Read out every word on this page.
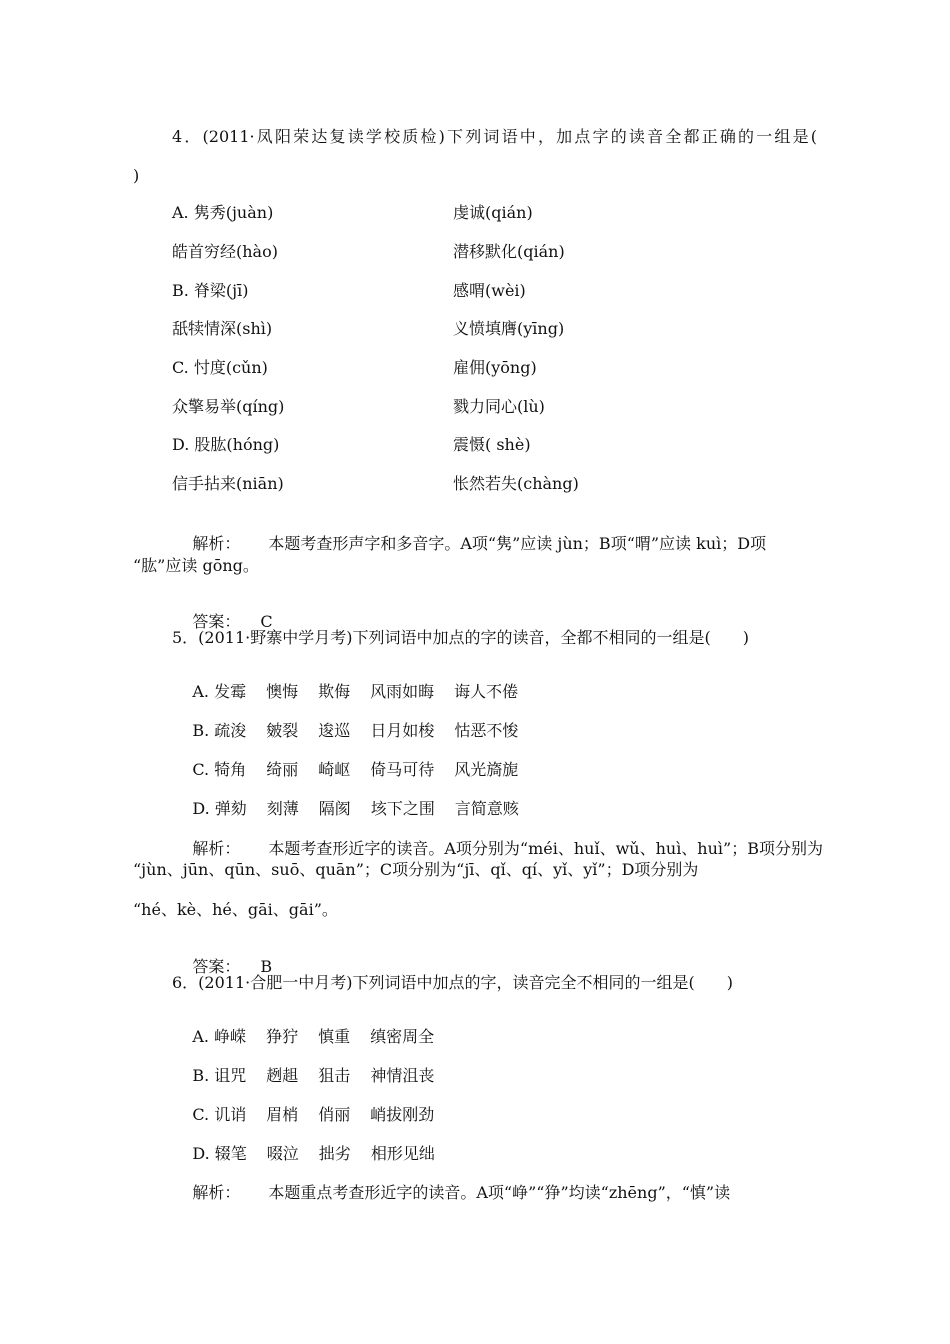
4．(2011·凤阳荣达复读学校质检)下列词语中，加点字的读音全都正确的一组是(
)
A. 隽秀(juàn)	虔诚(qián)
皓首穷经(hào)	潜移默化(qián)
B. 脊梁(jī)	感喟(wèi)
舐犊情深(shì)	义愤填膺(yīng)
C. 忖度(cǔn)	雇佣(yōng)
众擎易举(qíng)	戮力同心(lù)
D. 股肱(hóng)	震慑( shè)
信手拈来(niān)	怅然若失(chàng)

解析： 本题考查形声字和多音字。A项“隽”应读 jùn；B项“喟”应读 kuì；D项

“肱”应读 gōng。

答案： C

5．(2011·野寨中学月考)下列词语中加点的字的读音，全都不相同的一组是(　　)

A. 发霉 懊悔 欺侮 风雨如晦 诲人不倦

B. 疏浚 皴裂 逡巡 日月如梭 怙恶不悛

C. 犄角 绮丽 崎岖 倚马可待 风光旖旎

D. 弹劾 刻薄 隔阂 垓下之围 言简意赅

解析： 本题考查形近字的读音。A项分别为“méi、huǐ、wǔ、huì、huì”；B项分别为

“jùn、jūn、qūn、suō、quān”；C项分别为“jī、qǐ、qí、yǐ、yǐ”；D项分别为
“hé、kè、hé、gāi、gāi”。

答案： B

6．(2011·合肥一中月考)下列词语中加点的字，读音完全不相同的一组是(　　)

A. 峥嵘 狰狞 慎重 缜密周全

B. 诅咒 趔趄 狙击 神情沮丧

C. 讥诮 眉梢 俏丽 峭拔刚劲

D. 辍笔 啜泣 拙劣 相形见绌

解析： 本题重点考查形近字的读音。A项“峥”“狰”均读“zhēng”，“慎”读
